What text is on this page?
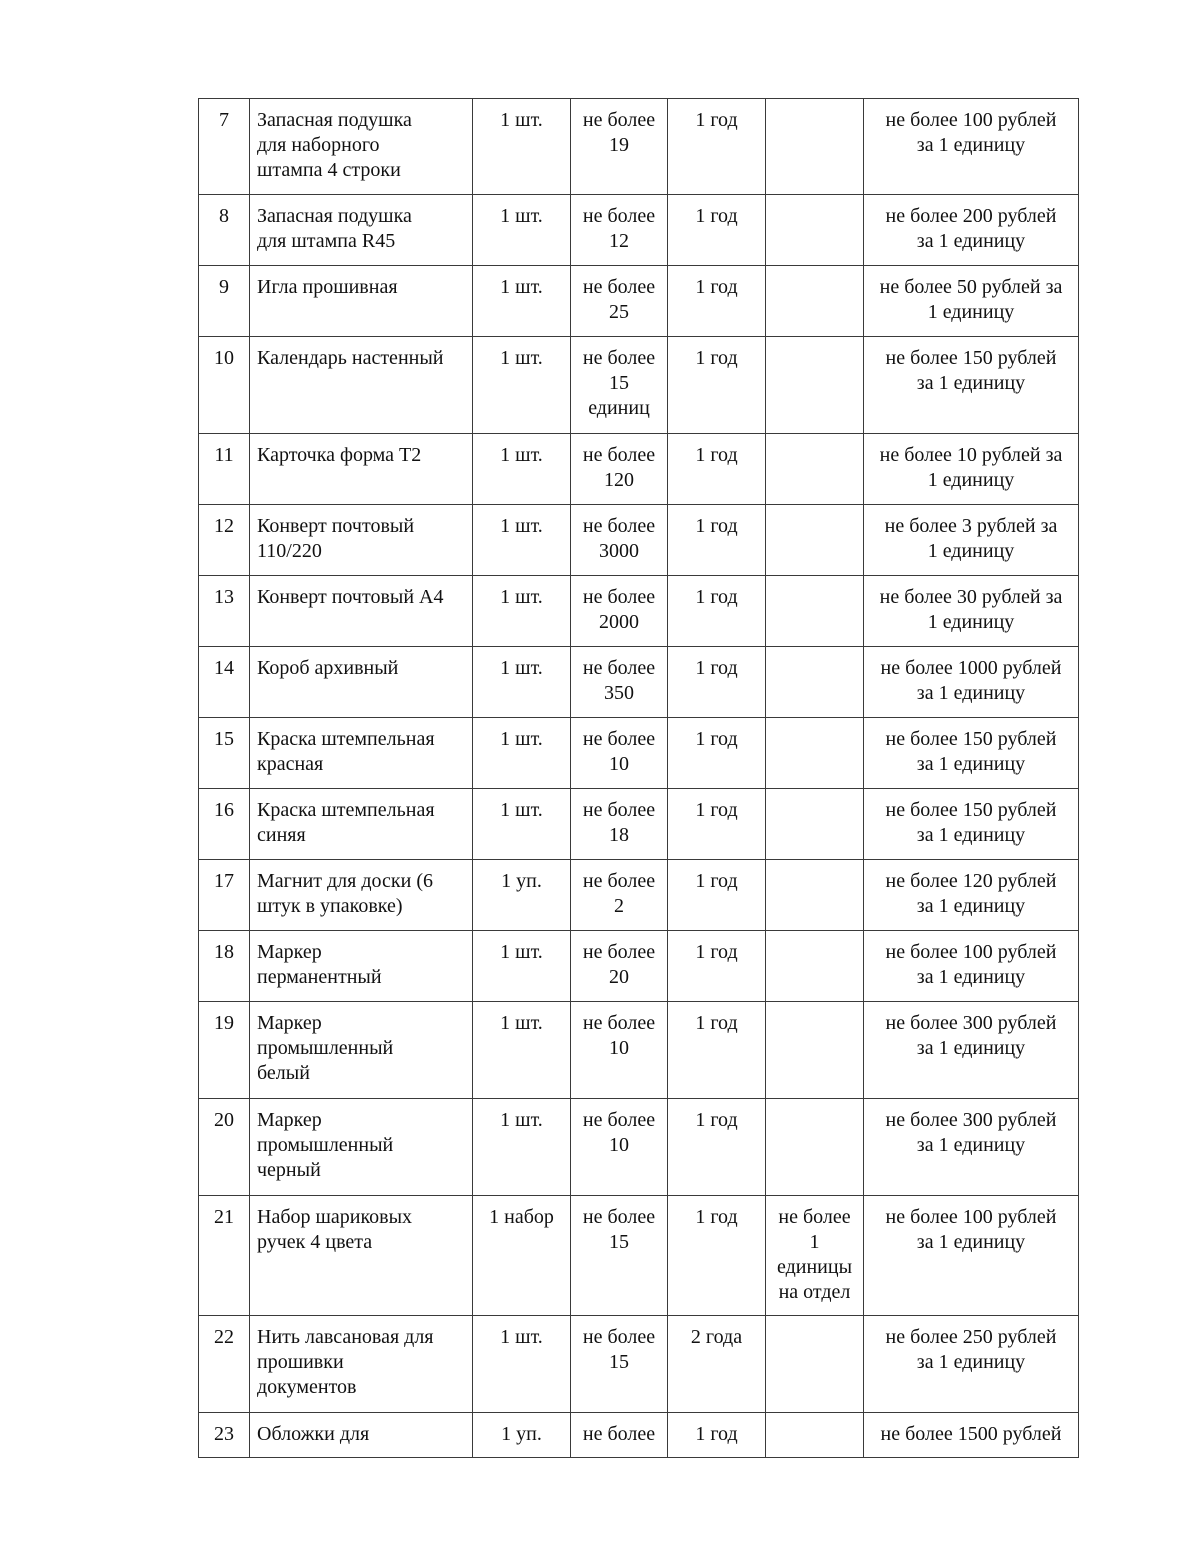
7	Запасная подушка
для наборного
штампа 4 строки	1 шт.	не более
19	1 год		не более 100 рублей
за 1 единицу

8	Запасная подушка
для штампа R45	1 шт.	не более
12	1 год		не более 200 рублей
за 1 единицу

9	Игла прошивная	1 шт.	не более
25	1 год		не более 50 рублей за
1 единицу

10	Календарь настенный	1 шт.	не более
15
единиц	1 год		не более 150 рублей
за 1 единицу

11	Карточка форма Т2	1 шт.	не более
120	1 год		не более 10 рублей за
1 единицу

12	Конверт почтовый
110/220	1 шт.	не более
3000	1 год		не более 3 рублей за
1 единицу

13	Конверт почтовый А4	1 шт.	не более
2000	1 год		не более 30 рублей за
1 единицу

14	Короб архивный	1 шт.	не более
350	1 год		не более 1000 рублей
за 1 единицу

15	Краска штемпельная
красная	1 шт.	не более
10	1 год		не более 150 рублей
за 1 единицу

16	Краска штемпельная
синяя	1 шт.	не более
18	1 год		не более 150 рублей
за 1 единицу

17	Магнит для доски (6
штук в упаковке)	1 уп.	не более
2	1 год		не более 120 рублей
за 1 единицу

18	Маркер
перманентный	1 шт.	не более
20	1 год		не более 100 рублей
за 1 единицу

19	Маркер
промышленный
белый	1 шт.	не более
10	1 год		не более 300 рублей
за 1 единицу

20	Маркер
промышленный
черный	1 шт.	не более
10	1 год		не более 300 рублей
за 1 единицу

21	Набор шариковых
ручек 4 цвета	1 набор	не более
15	1 год	не более
1
единицы
на отдел	не более 100 рублей
за 1 единицу

22	Нить лавсановая для
прошивки
документов	1 шт.	не более
15	2 года		не более 250 рублей
за 1 единицу

23	Обложки для	1 уп.	не более	1 год		не более 1500 рублей
